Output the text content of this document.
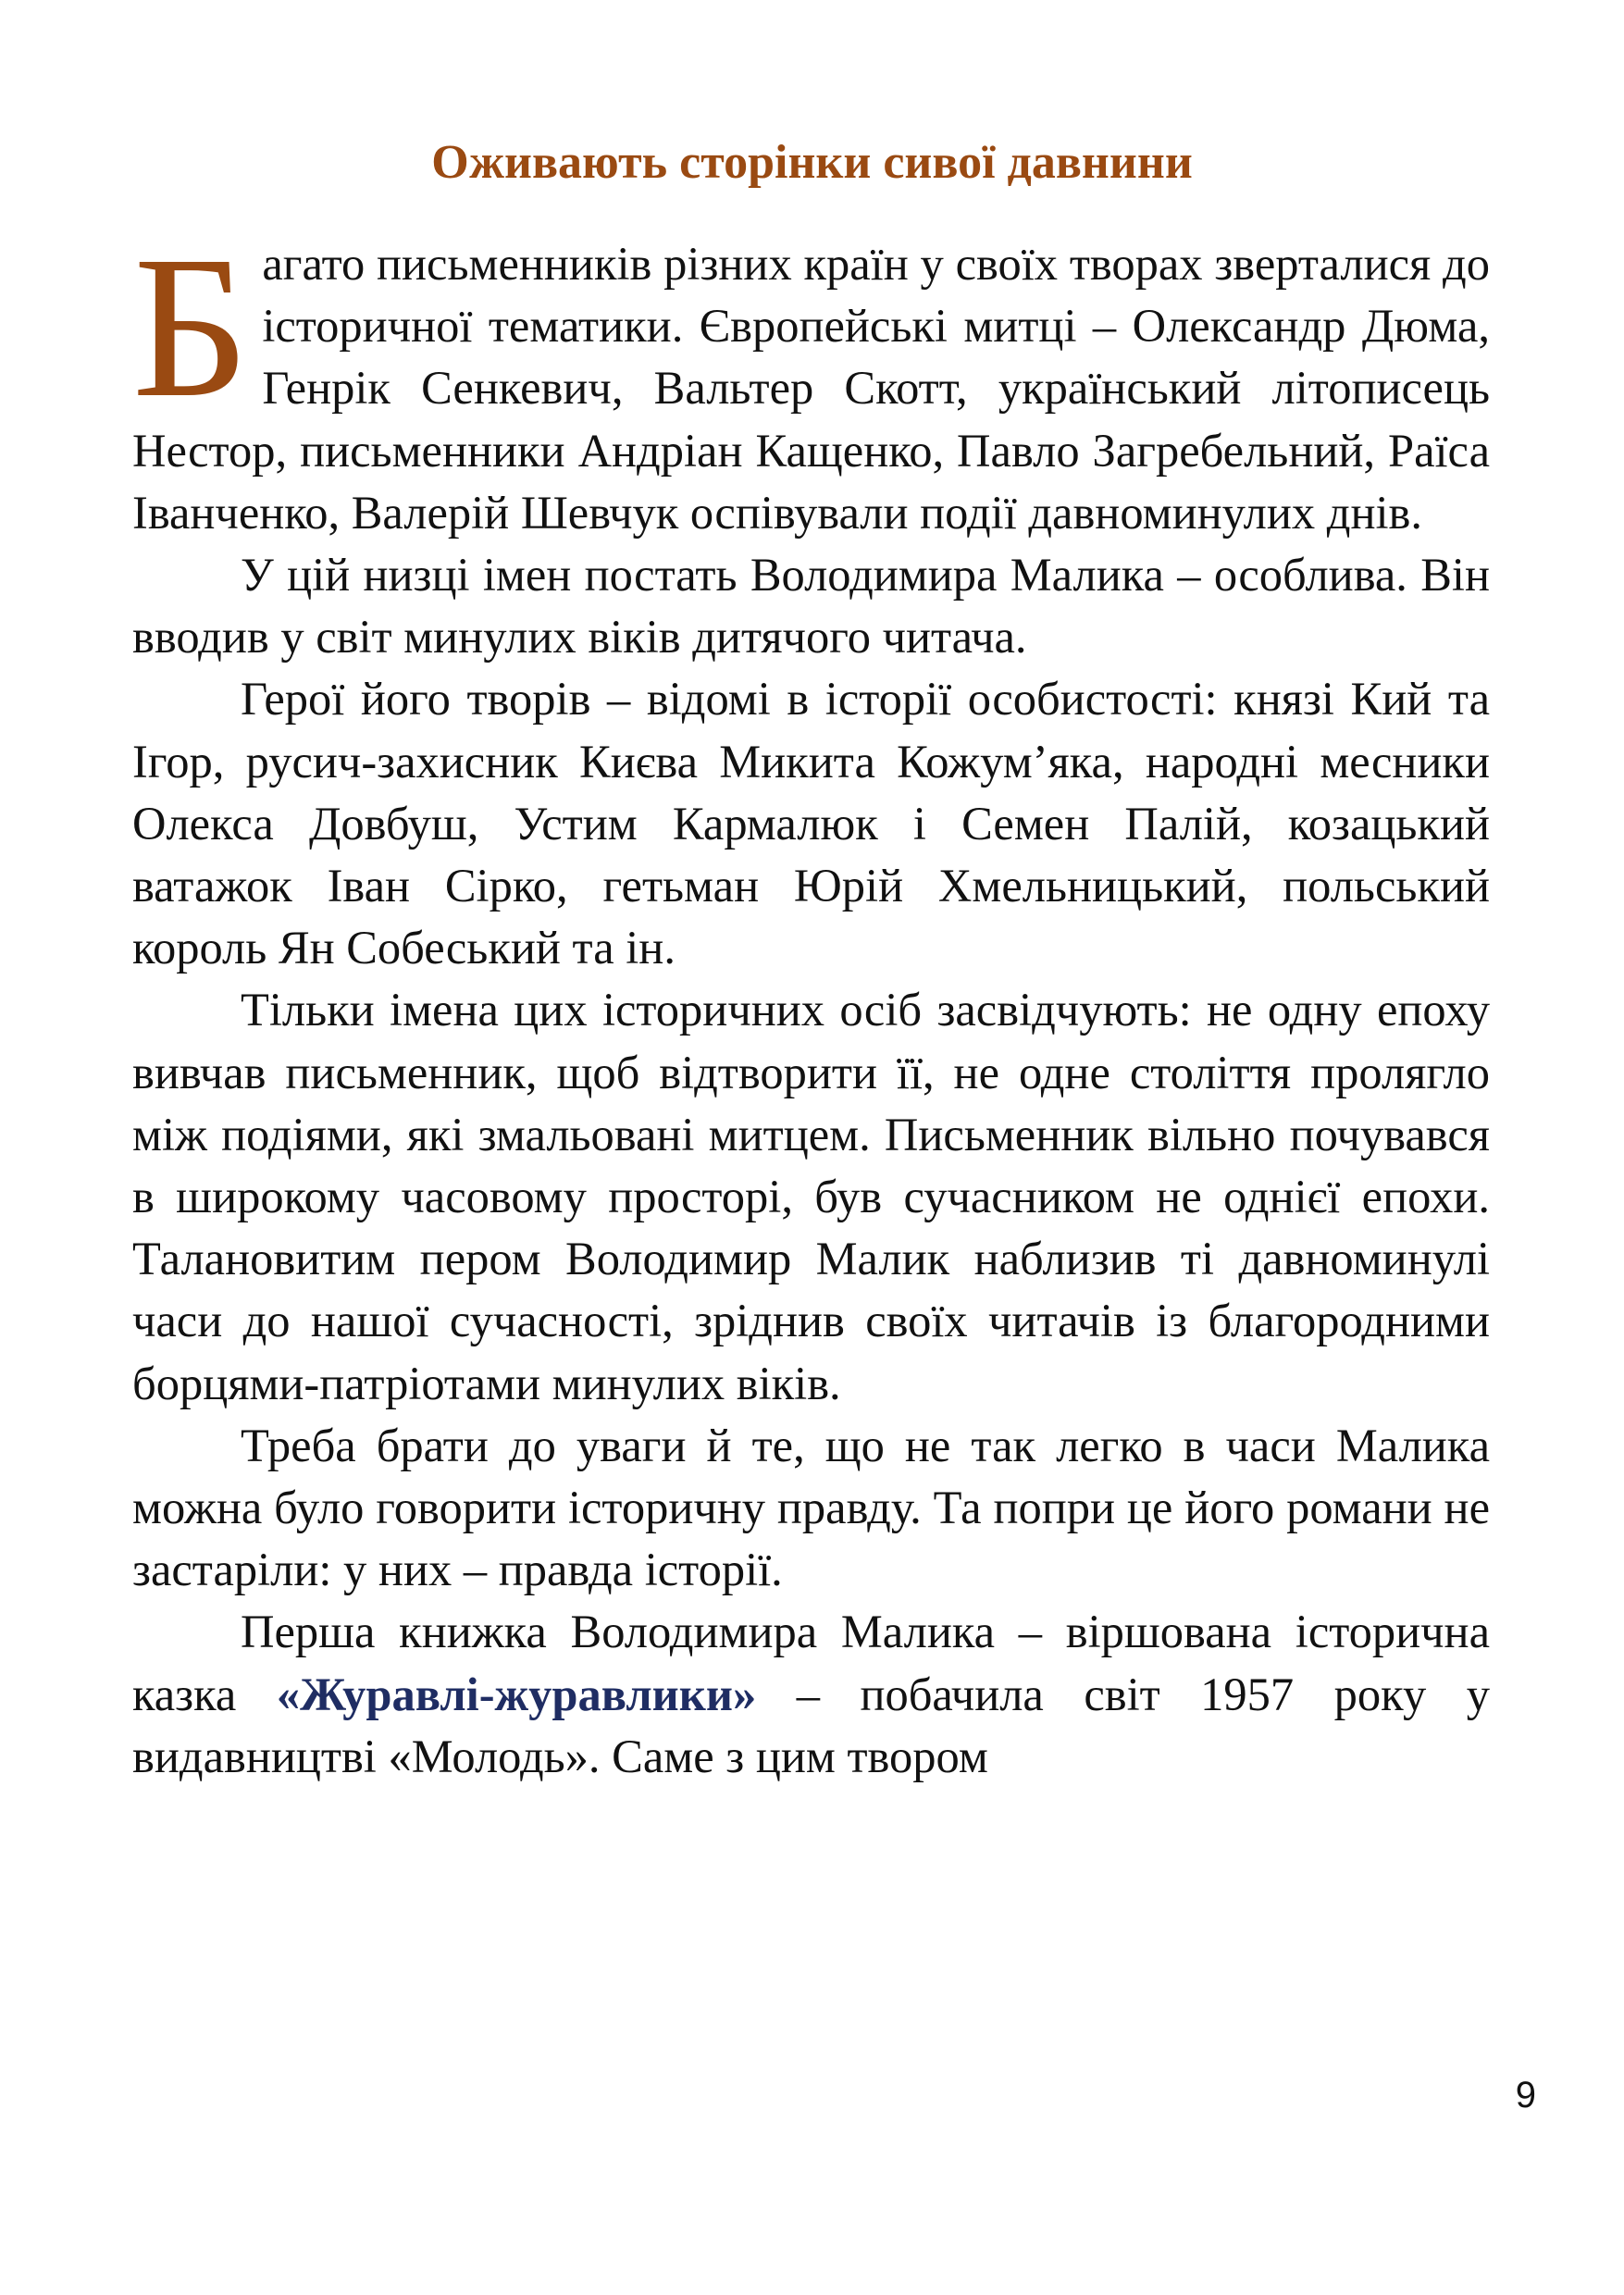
Оживають сторінки сивої давнини

Багато письменників різних країн у своїх творах зверталися до історичної тематики. Європейські митці – Олександр Дюма, Генрік Сенкевич, Вальтер Скотт, український літописець Нестор, письменники Андріан Кащенко, Павло Загребельний, Раїса Іванченко, Валерій Шевчук оспівували події давноминулих днів.

У цій низці імен постать Володимира Малика – особлива. Він вводив у світ минулих віків дитячого читача.

Герої його творів – відомі в історії особистості: князі Кий та Ігор, русич-захисник Києва Микита Кожум’яка, народні месники Олекса Довбуш, Устим Кармалюк і Семен Палій, козацький ватажок Іван Сірко, гетьман Юрій Хмельницький, польський король Ян Собеський та ін.

Тільки імена цих історичних осіб засвідчують: не одну епоху вивчав письменник, щоб відтворити її, не одне століття пролягло між подіями, які змальовані митцем. Письменник вільно почувався в широкому часовому просторі, був сучасником не однієї епохи. Талановитим пером Володимир Малик наблизив ті давноминулі часи до нашої сучасності, зріднив своїх читачів із благородними борцями-патріотами минулих віків.

Треба брати до уваги й те, що не так легко в часи Малика можна було говорити історичну правду. Та попри це його романи не застаріли: у них – правда історії.

Перша книжка Володимира Малика – віршована історична казка «Журавлі-журавлики» – побачила світ 1957 року у видавництві «Молодь». Саме з цим твором

9
